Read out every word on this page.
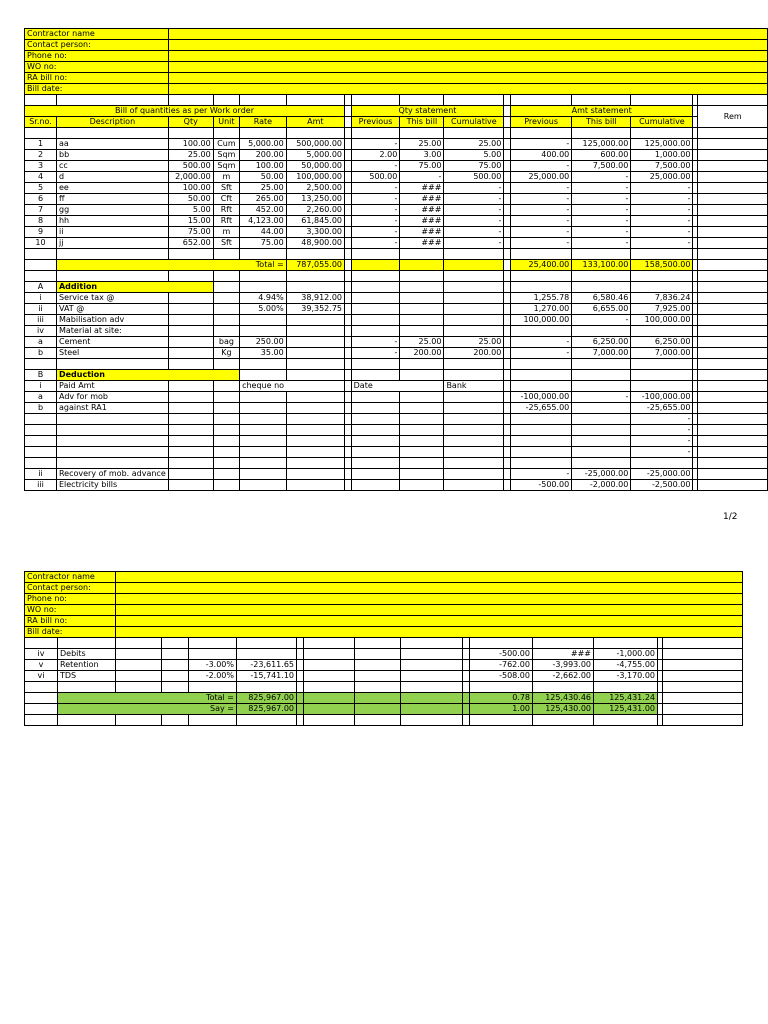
Contractor name															
Contact person:															
Phone no:															
WO no:															
RA bill no:															
Bill date:															

Bill of quantities as per Work order							Qty statement				Amt statement				Rem
Sr.no.	Description	Qty	Unit	Rate	Amt		Previous	This bill	Cumulative		Previous	This bill	Cumulative		

1	aa	100.00	Cum	5,000.00	500,000.00		-	25.00	25.00		-	125,000.00	125,000.00		
2	bb	25.00	Sqm	200.00	5,000.00		2.00	3.00	5.00		400.00	600.00	1,000.00		
3	cc	500.00	Sqm	100.00	50,000.00		-	75.00	75.00		-	7,500.00	7,500.00		
4	d	2,000.00	m	50.00	100,000.00		500.00	-	500.00		25,000.00	-	25,000.00		
5	ee	100.00	Sft	25.00	2,500.00		-	###	-		-	-	-		
6	ff	50.00	Cft	265.00	13,250.00		-	###	-		-	-	-		
7	gg	5.00	Rft	452.00	2,260.00		-	###	-		-	-	-		
8	hh	15.00	Rft	4,123.00	61,845.00		-	###	-		-	-	-		
9	ii	75.00	m	44.00	3,300.00		-	###	-		-	-	-		
10	jj	652.00	Sft	75.00	48,900.00		-	###	-		-	-	-		

	Total =				787,055.00						25,400.00	133,100.00	158,500.00		

A	Addition														
i	Service tax @			4.94%	38,912.00						1,255.78	6,580.46	7,836.24		
ii	VAT @			5.00%	39,352.75						1,270.00	6,655.00	7,925.00		
iii	Mabilisation adv										100,000.00	-	100,000.00		
iv	Material at site:														
a	Cement		bag	250.00			-	25.00	25.00		-	6,250.00	6,250.00		
b	Steel		Kg	35.00			-	200.00	200.00		-	7,000.00	7,000.00		

B	Deduction														
i	Paid Amt			cheque no			Date		Bank						
a	Adv for mob										-100,000.00	-	-100,000.00		
b	against RA1										-25,655.00		-25,655.00		
													-		
													-		
													-		
													-		

ii	Recovery of mob. advance										-	-25,000.00	-25,000.00		
iii	Electricity bills										-500.00	-2,000.00	-2,500.00		
1/2
Contractor name															
Contact person:															
Phone no:															
WO no:															
RA bill no:															
Bill date:															

iv	Debits										-500.00	###	-1,000.00		
v	Retention			-3.00%	-23,611.65						-762.00	-3,993.00	-4,755.00		
vi	TDS			-2.00%	-15,741.10						-508.00	-2,662.00	-3,170.00		

	Total =				825,967.00						0.78	125,430.46	125,431.24		
	Say =				825,967.00						1.00	125,430.00	125,431.00		
